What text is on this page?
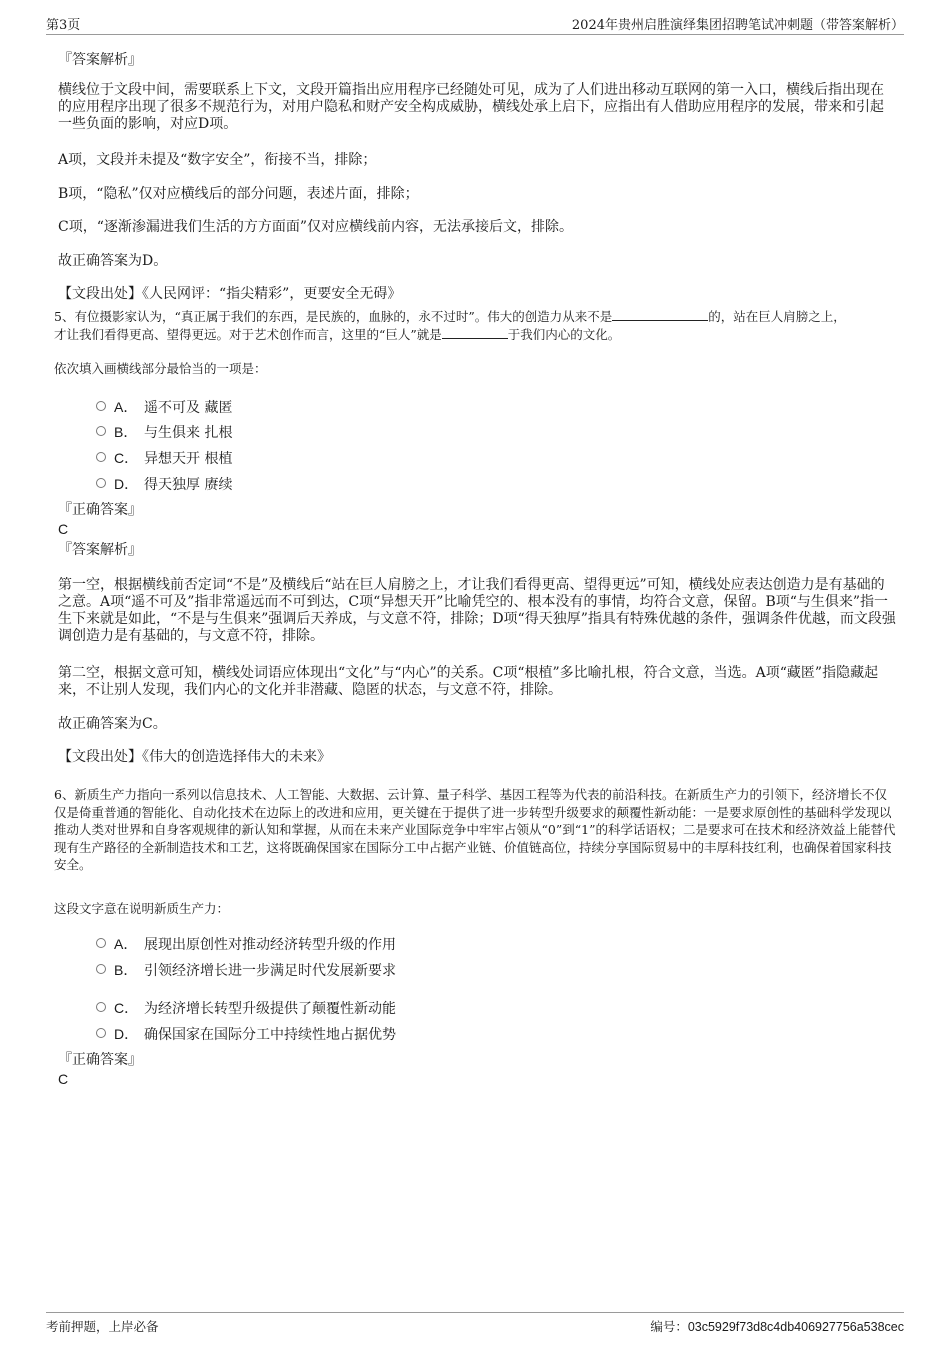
第3页	2024年贵州启胜演绎集团招聘笔试冲刺题（带答案解析）
『答案解析』
横线位于文段中间，需要联系上下文，文段开篇指出应用程序已经随处可见，成为了人们进出移动互联网的第一入口，横线后指出现在的应用程序出现了很多不规范行为，对用户隐私和财产安全构成威胁，横线处承上启下，应指出有人借助应用程序的发展，带来和引起一些负面的影响，对应D项。
A项，文段并未提及“数字安全”，衔接不当，排除；
B项，“隐私”仅对应横线后的部分问题，表述片面，排除；
C项，“逐渐渗漏进我们生活的方方面面”仅对应横线前内容，无法承接后文，排除。
故正确答案为D。
【文段出处】《人民网评：“指尖精彩”，更要安全无碍》
5、有位摄影家认为，“真正属于我们的东西，是民族的，血脉的，永不过时”。伟大的创造力从来不是	的，站在巨人肩膀之上，
才让我们看得更高、望得更远。对于艺术创作而言，这里的“巨人”就是	于我们内心的文化。
依次填入画横线部分最恰当的一项是：
A． 遥不可及 藏匿
B． 与生俱来 扎根
C． 异想天开 根植
D． 得天独厚 赓续
『正确答案』
C
『答案解析』
第一空，根据横线前否定词“不是”及横线后“站在巨人肩膀之上，才让我们看得更高、望得更远”可知，横线处应表达创造力是有基础的之意。A项“遥不可及”指非常遥远而不可到达，C项“异想天开”比喻凭空的、根本没有的事情，均符合文意，保留。B项“与生俱来”指一生下来就是如此，“不是与生俱来”强调后天养成，与文意不符，排除；D项“得天独厚”指具有特殊优越的条件，强调条件优越，而文段强调创造力是有基础的，与文意不符，排除。
第二空，根据文意可知，横线处词语应体现出“文化”与“内心”的关系。C项“根植”多比喻扎根，符合文意，当选。A项“藏匿”指隐藏起来，不让别人发现，我们内心的文化并非潜藏、隐匿的状态，与文意不符，排除。
故正确答案为C。
【文段出处】《伟大的创造选择伟大的未来》
6、新质生产力指向一系列以信息技术、人工智能、大数据、云计算、量子科学、基因工程等为代表的前沿科技。在新质生产力的引领下，经济增长不仅仅是倚重普通的智能化、自动化技术在边际上的改进和应用，更关键在于提供了进一步转型升级要求的颠覆性新动能：一是要求原创性的基础科学发现以推动人类对世界和自身客观规律的新认知和掌握，从而在未来产业国际竞争中牢牢占领从“0”到“1”的科学话语权；二是要求可在技术和经济效益上能替代现有生产路径的全新制造技术和工艺，这将既确保国家在国际分工中占据产业链、价值链高位，持续分享国际贸易中的丰厚科技红利，也确保着国家科技安全。
这段文字意在说明新质生产力：
A． 展现出原创性对推动经济转型升级的作用
B． 引领经济增长进一步满足时代发展新要求
C． 为经济增长转型升级提供了颠覆性新动能
D． 确保国家在国际分工中持续性地占据优势
『正确答案』
C
考前押题，上岸必备	编号：03c5929f73d8c4db406927756a538cec
